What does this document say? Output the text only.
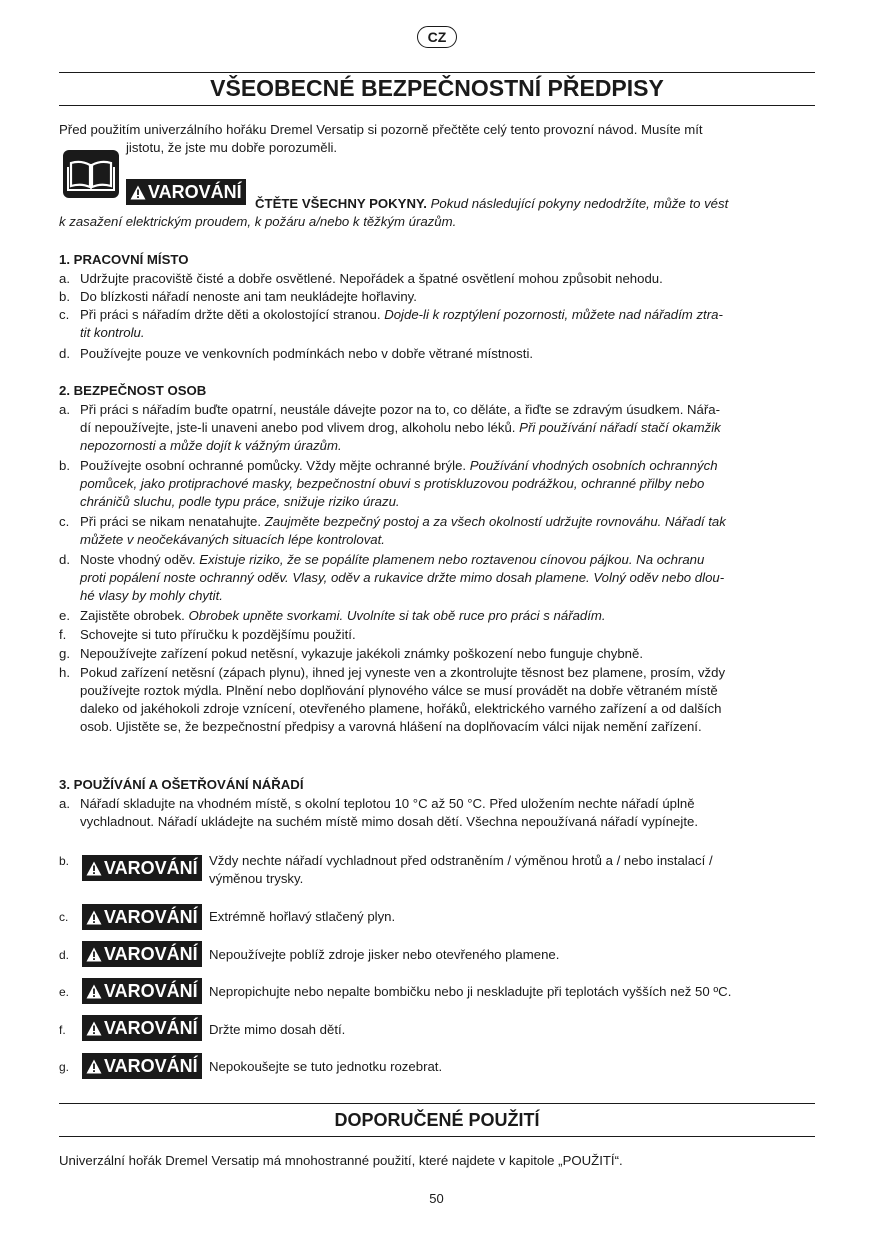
CZ
VŠEOBECNÉ BEZPEČNOSTNÍ PŘEDPISY
Před použitím univerzálního hořáku Dremel Versatip si pozorně přečtěte celý tento provozní návod. Musíte mít
jistotu, že jste mu dobře porozuměli.
VAROVÁNÍ
ČTĚTE VŠECHNY POKYNY. Pokud následující pokyny nedodržíte, může to vést
k zasažení elektrickým proudem, k požáru a/nebo k těžkým úrazům.
1. PRACOVNÍ MÍSTO
a. Udržujte pracoviště čisté a dobře osvětlené. Nepořádek a špatné osvětlení mohou způsobit nehodu.
b. Do blízkosti nářadí nenoste ani tam neukládejte hořlaviny.
c. Při práci s nářadím držte děti a okolostojící stranou. Dojde-li k rozptýlení pozornosti, můžete nad nářadím ztra-
tit kontrolu.
d. Používejte pouze ve venkovních podmínkách nebo v dobře větrané místnosti.
2. BEZPEČNOST OSOB
a. Při práci s nářadím buďte opatrní, neustále dávejte pozor na to, co děláte, a řiďte se zdravým úsudkem. Nářa-
dí nepoužívejte, jste-li unaveni anebo pod vlivem drog, alkoholu nebo léků. Při používání nářadí stačí okamžik
nepozornosti a může dojít k vážným úrazům.
b. Používejte osobní ochranné pomůcky. Vždy mějte ochranné brýle. Používání vhodných osobních ochranných
pomůcek, jako protiprachové masky, bezpečnostní obuvi s protiskluzovou podrážkou, ochranné přilby nebo
chráničů sluchu, podle typu práce, snižuje riziko úrazu.
c. Při práci se nikam nenatahujte. Zaujměte bezpečný postoj a za všech okolností udržujte rovnováhu. Nářadí tak
můžete v neočekávaných situacích lépe kontrolovat.
d. Noste vhodný oděv. Existuje riziko, že se popálíte plamenem nebo roztavenou cínovou pájkou. Na ochranu
proti popálení noste ochranný oděv. Vlasy, oděv a rukavice držte mimo dosah plamene. Volný oděv nebo dlou-
hé vlasy by mohly chytit.
e. Zajistěte obrobek. Obrobek upněte svorkami. Uvolníte si tak obě ruce pro práci s nářadím.
f. Schovejte si tuto příručku k pozdějšímu použití.
g. Nepoužívejte zařízení pokud netěsní, vykazuje jakékoli známky poškození nebo funguje chybně.
h. Pokud zařízení netěsní (zápach plynu), ihned jej vyneste ven a zkontrolujte těsnost bez plamene, prosím, vždy
používejte roztok mýdla. Plnění nebo doplňování plynového válce se musí provádět na dobře větraném místě
daleko od jakéhokoli zdroje vznícení, otevřeného plamene, hořáků, elektrického varného zařízení a od dalších
osob. Ujistěte se, že bezpečnostní předpisy a varovná hlášení na doplňovacím válci nijak nemění zařízení.
3. POUŽÍVÁNÍ A OŠETŘOVÁNÍ NÁŘADÍ
a. Nářadí skladujte na vhodném místě, s okolní teplotou 10 °C až 50 °C. Před uložením nechte nářadí úplně
vychladnout. Nářadí ukládejte na suchém místě mimo dosah dětí. Všechna nepoužívaná nářadí vypínejte.
b. VAROVÁNÍ Vždy nechte nářadí vychladnout před odstraněním / výměnou hrotů a / nebo instalací /
výměnou trysky.
c. VAROVÁNÍ Extrémně hořlavý stlačený plyn.
d. VAROVÁNÍ Nepoužívejte poblíž zdroje jisker nebo otevřeného plamene.
e. VAROVÁNÍ Nepropichujte nebo nepalte bombičku nebo ji neskladujte při teplotách vyšších než 50 ºC.
f. VAROVÁNÍ Držte mimo dosah dětí.
g. VAROVÁNÍ Nepokoušejte se tuto jednotku rozebrat.
DOPORUČENÉ POUŽITÍ
Univerzální hořák Dremel Versatip má mnohostranné použití, které najdete v kapitole „POUŽITÍ“.
50
